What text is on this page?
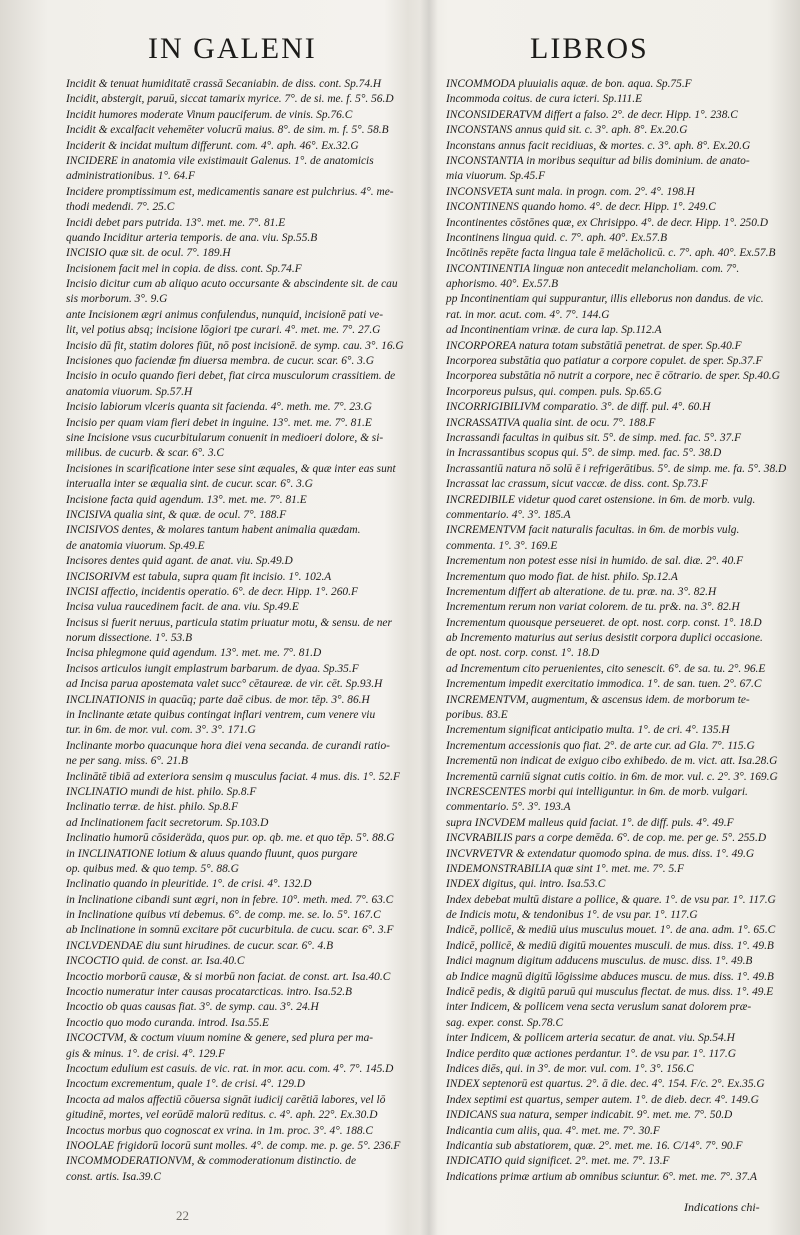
IN GALENI	LIBROS
Incidit & tenuat humiditatē crassā Secaniabin. de diss. cont. Sp.74.H
Incidit, abstergit, paruū, siccat tamarix myrice. 7°. de si. me. f. 5°. 56.D
Incidit humores moderate Vinum pauciferum. de vinis. Sp.76.C
Incidit & excalfacit vehemēter volucrū maius. 8°. de sim. m. f. 5°. 58.B
Inciderit & incidat multum differunt. com. 4°. aph. 46°. Ex.32.G
INCIDERE in anatomia vile existimauit Galenus. 1°. de anatomicis
administrationibus. 1°. 64.F
Incidere promptissimum est, medicamentis sanare est pulchrius. 4°. me-
thodi medendi. 7°. 25.C
Incidi debet pars putrida. 13°. met. me. 7°. 81.E
quando Inciditur arteria temporis. de ana. viu. Sp.55.B
INCISIO quæ sit. de ocul. 7°. 189.H
Incisionem facit mel in copia. de diss. cont. Sp.74.F
Incisio dicitur cum ab aliquo acuto occursante & abscindente sit. de cau
sis morborum. 3°. 9.G
ante Incisionem ægri animus confulendus, nunquid, incisionē pati ve-
lit, vel potius absq; incisione lōgiori tpe curari. 4°. met. me. 7°. 27.G
Incisio dū fit, statim dolores fiūt, nō post incisionē. de symp. cau. 3°. 16.G
Incisiones quo faciendæ fm diuersa membra. de cucur. scar. 6°. 3.G
Incisio in oculo quando fieri debet, fiat circa musculorum crassitiem. de
anatomia viuorum. Sp.57.H
Incisio labiorum vlceris quanta sit facienda. 4°. meth. me. 7°. 23.G
Incisio per quam viam fieri debet in inguine. 13°. met. me. 7°. 81.E
sine Incisione vsus cucurbitularum conuenit in medioeri dolore, & si-
milibus. de cucurb. & scar. 6°. 3.C
Incisiones in scarificatione inter sese sint æquales, & quæ inter eas sunt
interualla inter se æqualia sint. de cucur. scar. 6°. 3.G
Incisione facta quid agendum. 13°. met. me. 7°. 81.E
INCISIVA qualia sint, & quæ. de ocul. 7°. 188.F
INCISIVOS dentes, & molares tantum habent animalia quædam.
de anatomia viuorum. Sp.49.E
Incisores dentes quid agant. de anat. viu. Sp.49.D
INCISORIVM est tabula, supra quam fit incisio. 1°. 102.A
INCISI affectio, incidentis operatio. 6°. de decr. Hipp. 1°. 260.F
Incisa vulua raucedinem facit. de ana. viu. Sp.49.E
Incisus si fuerit neruus, particula statim priuatur motu, & sensu. de ner
norum dissectione. 1°. 53.B
Incisa phlegmone quid agendum. 13°. met. me. 7°. 81.D
Incisos articulos iungit emplastrum barbarum. de dyaa. Sp.35.F
ad Incisa parua apostemata valet succ° cētaureæ. de vir. cēt. Sp.93.H
INCLINATIONIS in quacūq; parte daē cibus. de mor. tēp. 3°. 86.H
in Inclinante ætate quibus contingat inflari ventrem, cum venere viu
tur. in 6m. de mor. vul. com. 3°. 3°. 171.G
Inclinante morbo quacunque hora diei vena secanda. de curandi ratio-
ne per sang. miss. 6°. 21.B
Inclinātē tibiā ad exteriora sensim q musculus faciat. 4 mus. dis. 1°. 52.F
INCLINATIO mundi de hist. philo. Sp.8.F
Inclinatio terræ. de hist. philo. Sp.8.F
ad Inclinationem facit secretorum. Sp.103.D
Inclinatio humorū cōsideräda, quos pur. op. qb. me. et quo tēp. 5°. 88.G
in INCLINATIONE lotium & aluus quando fluunt, quos purgare
op. quibus med. & quo temp. 5°. 88.G
Inclinatio quando in pleuritide. 1°. de crisi. 4°. 132.D
in Inclinatione cibandi sunt ægri, non in febre. 10°. meth. med. 7°. 63.C
in Inclinatione quibus vti debemus. 6°. de comp. me. se. lo. 5°. 167.C
ab Inclinatione in somnū excitare pōt cucurbitula. de cucu. scar. 6°. 3.F
INCLVDENDAE diu sunt hirudines. de cucur. scar. 6°. 4.B
INCOCTIO quid. de const. ar. Isa.40.C
Incoctio morborū causæ, & si morbū non faciat. de const. art. Isa.40.C
Incoctio numeratur inter causas procatarcticas. intro. Isa.52.B
Incoctio ob quas causas fiat. 3°. de symp. cau. 3°. 24.H
Incoctio quo modo curanda. introd. Isa.55.E
INCOCTVM, & coctum viuum nomine & genere, sed plura per ma-
gis & minus. 1°. de crisi. 4°. 129.F
Incoctum edulium est casuis. de vic. rat. in mor. acu. com. 4°. 7°. 145.D
Incoctum excrementum, quale 1°. de crisi. 4°. 129.D
Incocta ad malos affectiū cōuersa signāt iudicij carētiā labores, vel lō
gitudinē, mortes, vel eorūdē malorū reditus. c. 4°. aph. 22°. Ex.30.D
Incoctus morbus quo cognoscat ex vrina. in 1m. proc. 3°. 4°. 188.C
INOOLAE frigidorū locorū sunt molles. 4°. de comp. me. p. ge. 5°. 236.F
INCOMMODERATIONVM, & commoderationum distinctio. de
const. artis. Isa.39.C
INCOMMODA pluuialis aquæ. de bon. aqua. Sp.75.F
Incommoda coitus. de cura icteri. Sp.111.E
INCONSIDERATVM differt a falso. 2°. de decr. Hipp. 1°. 238.C
INCONSTANS annus quid sit. c. 3°. aph. 8°. Ex.20.G
Inconstans annus facit recidiuas, & mortes. c. 3°. aph. 8°. Ex.20.G
INCONSTANTIA in moribus sequitur ad bilis dominium. de anato-
mia viuorum. Sp.45.F
INCONSVETA sunt mala. in progn. com. 2°. 4°. 198.H
INCONTINENS quando homo. 4°. de decr. Hipp. 1°. 249.C
Incontinentes cōstōnes quæ, ex Chrisippo. 4°. de decr. Hipp. 1°. 250.D
Incontinens lingua quid. c. 7°. aph. 40°. Ex.57.B
Incōtinēs repēte facta lingua tale ē melācholicū. c. 7°. aph. 40°. Ex.57.B
INCONTINENTIA linguæ non antecedit melancholiam. com. 7°.
aphorismo. 40°. Ex.57.B
pp Incontinentiam qui suppurantur, illis elleborus non dandus. de vic.
rat. in mor. acut. com. 4°. 7°. 144.G
ad Incontinentiam vrinæ. de cura lap. Sp.112.A
INCORPOREA natura totam substātiā penetrat. de sper. Sp.40.F
Incorporea substātia quo patiatur a corpore copulet. de sper. Sp.37.F
Incorporea substātia nō nutrit a corpore, nec ē cōtrario. de sper. Sp.40.G
Incorporeus pulsus, qui. compen. puls. Sp.65.G
INCORRIGIBILIVM comparatio. 3°. de diff. pul. 4°. 60.H
INCRASSATIVA qualia sint. de ocu. 7°. 188.F
Incrassandi facultas in quibus sit. 5°. de simp. med. fac. 5°. 37.F
in Incrassantibus scopus qui. 5°. de simp. med. fac. 5°. 38.D
Incrassantiū natura nō solū ē i refrigerātibus. 5°. de simp. me. fa. 5°. 38.D
Incrassat lac crassum, sicut vaccæ. de diss. cont. Sp.73.F
INCREDIBILE videtur quod caret ostensione. in 6m. de morb. vulg.
commentario. 4°. 3°. 185.A
INCREMENTVM facit naturalis facultas. in 6m. de morbis vulg.
commenta. 1°. 3°. 169.E
Incrementum non potest esse nisi in humido. de sal. diæ. 2°. 40.F
Incrementum quo modo fiat. de hist. philo. Sp.12.A
Incrementum differt ab alteratione. de tu. præ. na. 3°. 82.H
Incrementum rerum non variat colorem. de tu. pr&. na. 3°. 82.H
Incrementum quousque perseueret. de opt. nost. corp. const. 1°. 18.D
ab Incremento maturius aut serius desistit corpora duplici occasione.
de opt. nost. corp. const. 1°. 18.D
ad Incrementum cito peruenientes, cito senescit. 6°. de sa. tu. 2°. 96.E
Incrementum impedit exercitatio immodica. 1°. de san. tuen. 2°. 67.C
INCREMENTVM, augmentum, & ascensus idem. de morborum te-
poribus. 83.E
Incrementum significat anticipatio multa. 1°. de cri. 4°. 135.H
Incrementum accessionis quo fiat. 2°. de arte cur. ad Gla. 7°. 115.G
Incrementū non indicat de exiguo cibo exhibedo. de m. vict. att. Isa.28.G
Incrementū carniū signat cutis coitio. in 6m. de mor. vul. c. 2°. 3°. 169.G
INCRESCENTES morbi qui intelliguntur. in 6m. de morb. vulgari.
commentario. 5°. 3°. 193.A
supra INCVDEM malleus quid faciat. 1°. de diff. puls. 4°. 49.F
INCVRABILIS pars a corpe demēda. 6°. de cop. me. per ge. 5°. 255.D
INCVRVETVR & extendatur quomodo spina. de mus. diss. 1°. 49.G
INDEMONSTRABILIA quæ sint 1°. met. me. 7°. 5.F
INDEX digitus, qui. intro. Isa.53.C
Index debebat multū distare a pollice, & quare. 1°. de vsu par. 1°. 117.G
de Indicis motu, & tendonibus 1°. de vsu par. 1°. 117.G
Indicē, pollicē, & mediū uius musculus mouet. 1°. de ana. adm. 1°. 65.C
Indicē, pollicē, & mediū digitū mouentes musculi. de mus. diss. 1°. 49.B
Indici magnum digitum adducens musculus. de musc. diss. 1°. 49.B
ab Indice magnū digitū lōgissime abduces muscu. de mus. diss. 1°. 49.B
Indicē pedis, & digitū paruū qui musculus flectat. de mus. diss. 1°. 49.E
inter Indicem, & pollicem vena secta veruslum sanat dolorem præ-
sag. exper. const. Sp.78.C
inter Indicem, & pollicem arteria secatur. de anat. viu. Sp.54.H
Indice perdito quæ actiones perdantur. 1°. de vsu par. 1°. 117.G
Indices diēs, qui. in 3°. de mor. vul. com. 1°. 3°. 156.C
INDEX septenorū est quartus. 2°. ā die. dec. 4°. 154. F/c. 2°. Ex.35.G
Index septimi est quartus, semper autem. 1°. de dieb. decr. 4°. 149.G
INDICANS sua natura, semper indicabit. 9°. met. me. 7°. 50.D
Indicantia cum aliis, qua. 4°. met. me. 7°. 30.F
Indicantia sub abstatiorem, quæ. 2°. met. me. 16. C/14°. 7°. 90.F
INDICATIO quid significet. 2°. met. me. 7°. 13.F
Indications primæ artium ab omnibus sciuntur. 6°. met. me. 7°. 37.A
22
Indications chi-
